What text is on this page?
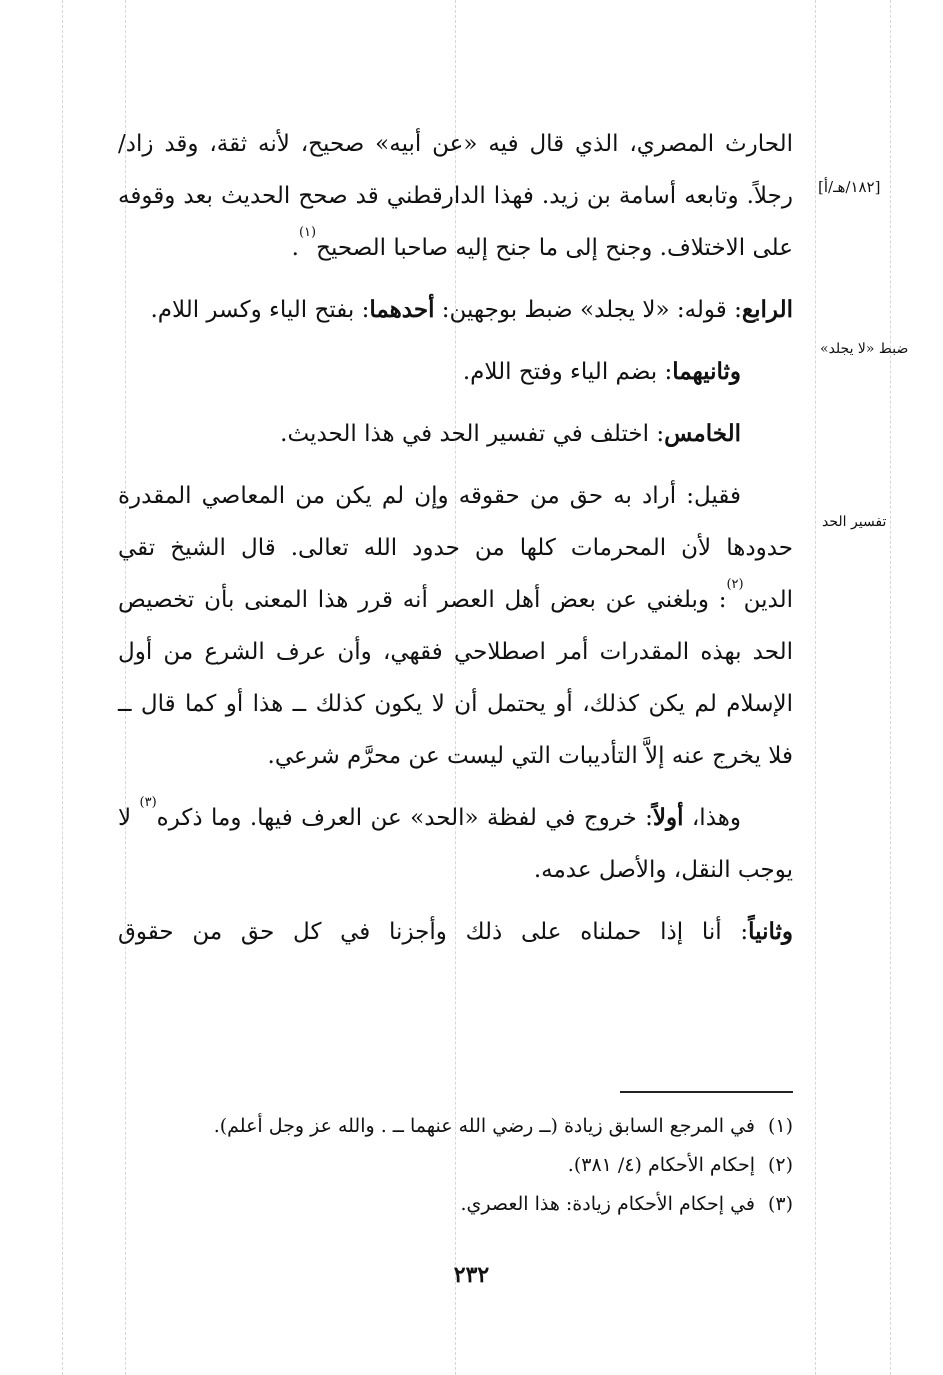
[١٨٢/هـ/أ]
ضبط «لا يجلد»
تفسير الحد

الحارث المصري، الذي قال فيه «عن أبيه» صحيح، لأنه ثقة، وقد زاد/ رجلاً. وتابعه أسامة بن زيد. فهذا الدارقطني قد صحح الحديث بعد وقوفه على الاختلاف. وجنح إلى ما جنح إليه صاحبا الصحيح$^{(١)}$.

الرابع: قوله: «لا يجلد» ضبط بوجهين: أحدهما: بفتح الياء وكسر اللام.

وثانيهما: بضم الياء وفتح اللام.

الخامس: اختلف في تفسير الحد في هذا الحديث.

فقيل: أراد به حق من حقوقه وإن لم يكن من المعاصي المقدرة حدودها لأن المحرمات كلها من حدود الله تعالى. قال الشيخ تقي الدين$^{(٢)}$: وبلغني عن بعض أهل العصر أنه قرر هذا المعنى بأن تخصيص الحد بهذه المقدرات أمر اصطلاحي فقهي، وأن عرف الشرع من أول الإسلام لم يكن كذلك، أو يحتمل أن لا يكون كذلك ــ هذا أو كما قال ــ فلا يخرج عنه إلاَّ التأديبات التي ليست عن محرَّم شرعي.

وهذا، أولاً: خروج في لفظة «الحد» عن العرف فيها. وما ذكره$^{(٣)}$ لا يوجب النقل، والأصل عدمه.

وثانياً: أنا إذا حملناه على ذلك وأجزنا في كل حق من حقوق

(١)في المرجع السابق زيادة (ــ رضي الله عنهما ــ . والله عز وجل أعلم).
(٢)إحكام الأحكام (٤/ ٣٨١).
(٣)في إحكام الأحكام زيادة: هذا العصري.
٢٣٢
